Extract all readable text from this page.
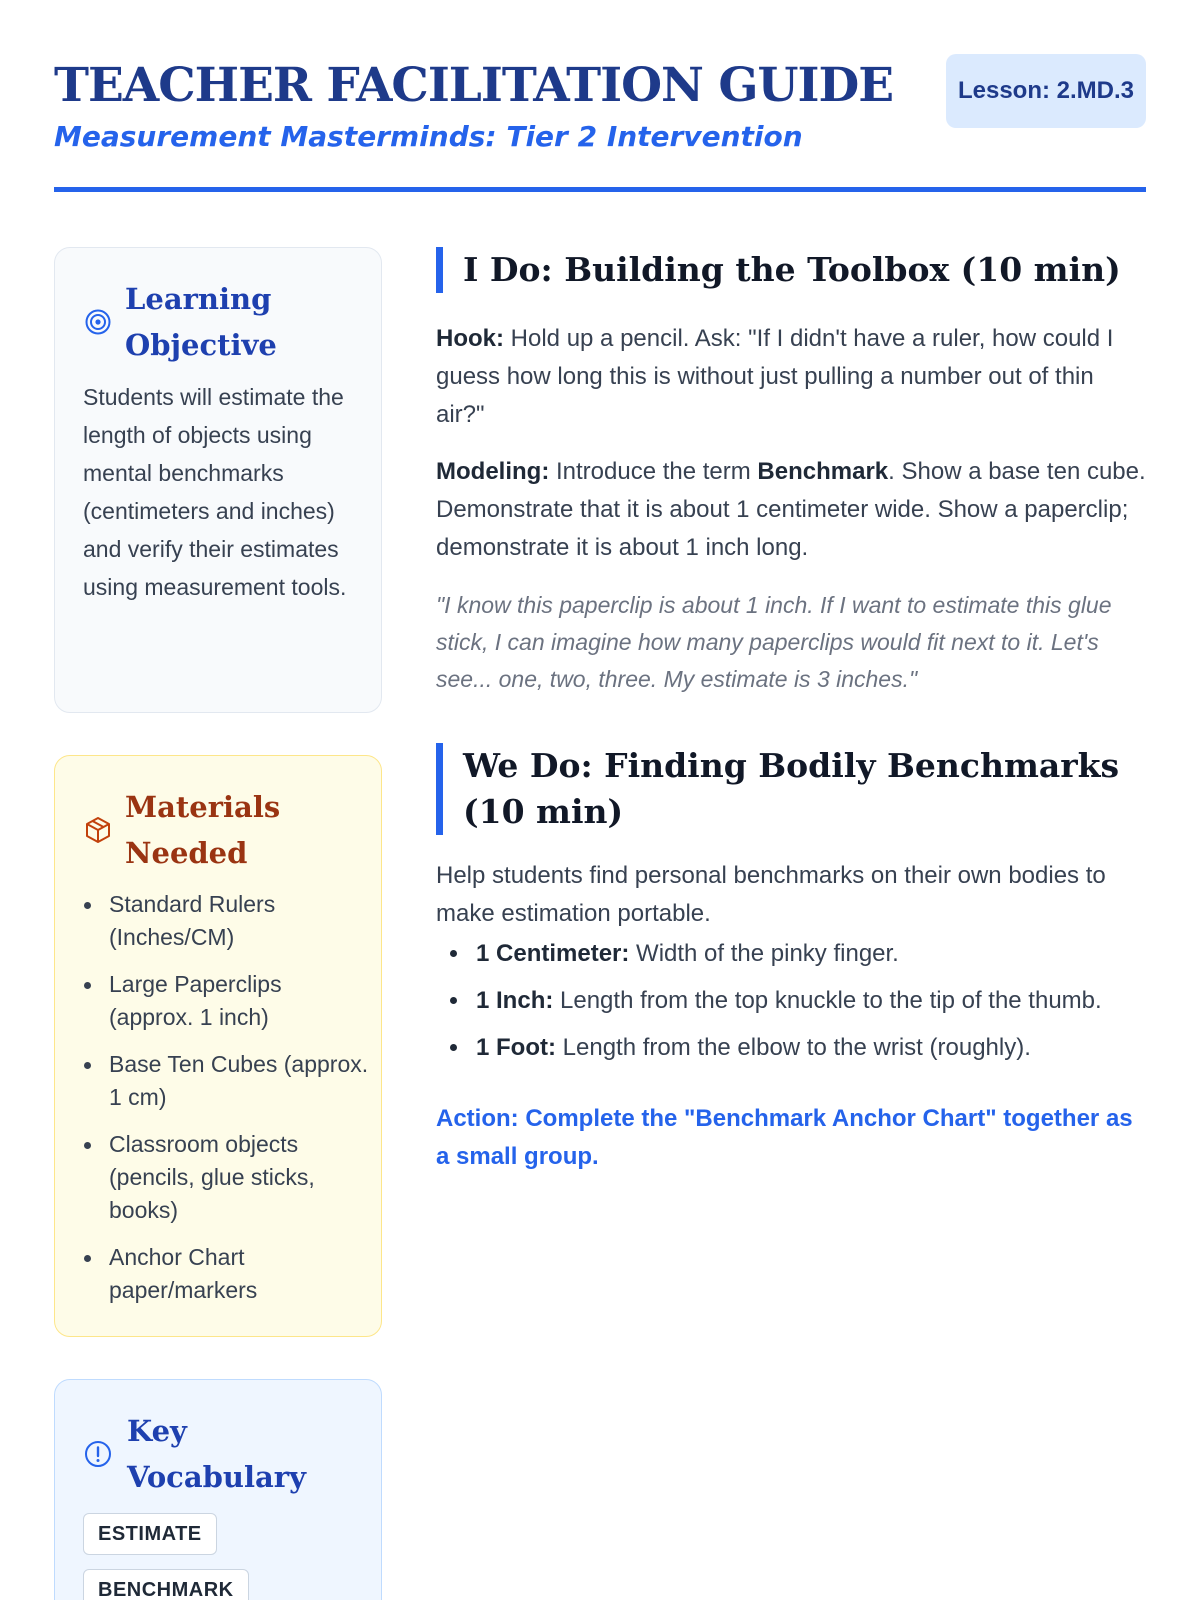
TEACHER FACILITATION GUIDE
Measurement Masterminds: Tier 2 Intervention
Lesson: 2.MD.3
Learning Objective
Students will estimate the length of objects using mental benchmarks (centimeters and inches) and verify their estimates using measurement tools.
Materials Needed
Standard Rulers (Inches/CM)
Large Paperclips (approx. 1 inch)
Base Ten Cubes (approx. 1 cm)
Classroom objects (pencils, glue sticks, books)
Anchor Chart paper/markers
Key Vocabulary
ESTIMATE
BENCHMARK
I Do: Building the Toolbox (10 min)

Hook: Hold up a pencil. Ask: "If I didn't have a ruler, how could I guess how long this is without just pulling a number out of thin air?"

Modeling: Introduce the term Benchmark. Show a base ten cube. Demonstrate that it is about 1 centimeter wide. Show a paperclip; demonstrate it is about 1 inch long.

"I know this paperclip is about 1 inch. If I want to estimate this glue stick, I can imagine how many paperclips would fit next to it. Let's see... one, two, three. My estimate is 3 inches."

We Do: Finding Bodily Benchmarks (10 min)

Help students find personal benchmarks on their own bodies to make estimation portable.

1 Centimeter: Width of the pinky finger.
1 Inch: Length from the top knuckle to the tip of the thumb.
1 Foot: Length from the elbow to the wrist (roughly).

Action: Complete the "Benchmark Anchor Chart" together as a small group.
